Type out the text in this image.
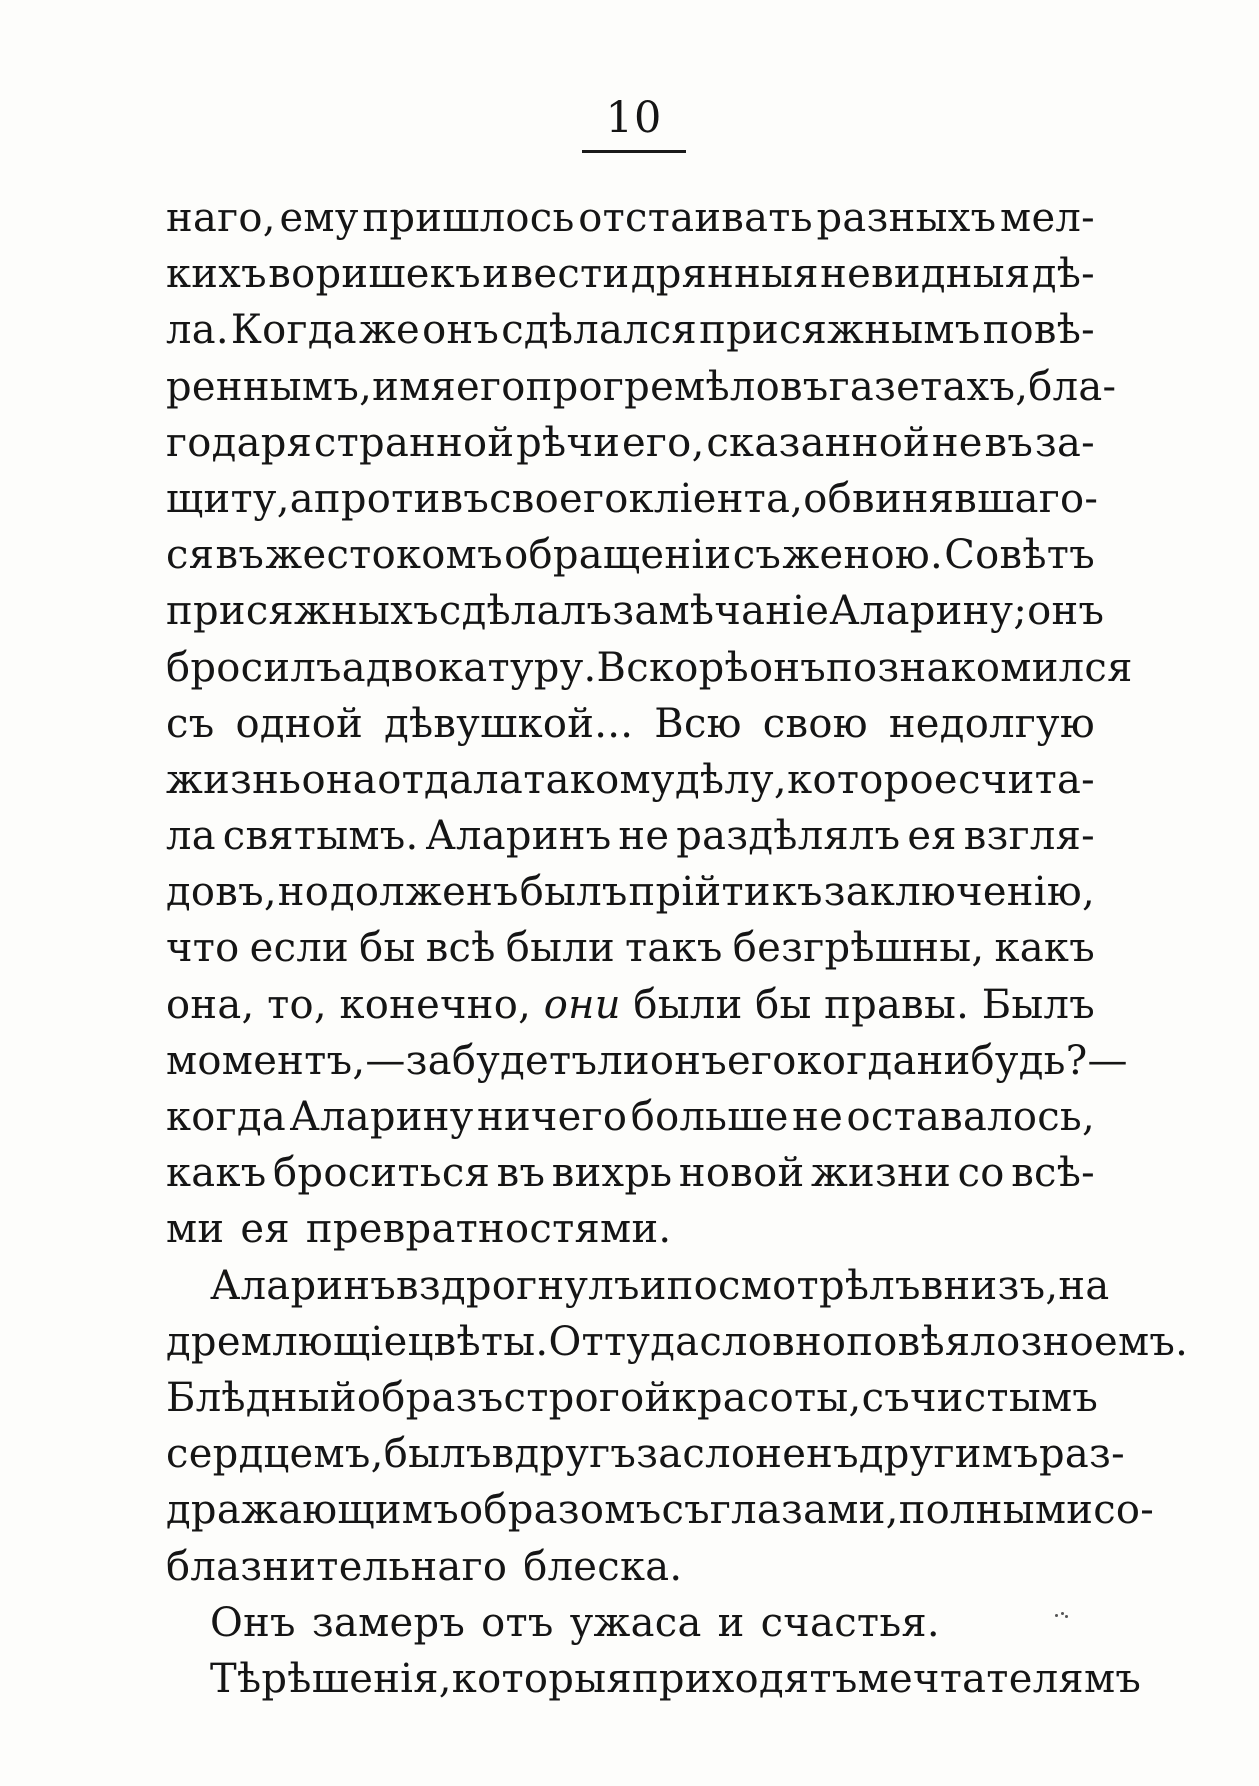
10
наго, ему пришлось отстаивать разныхъ мел-
кихъ воришекъ и вести дрянныя невидныя дѣ-
ла. Когда же онъ сдѣлался присяжнымъ повѣ-
реннымъ, имя его прогремѣло въ газетахъ, бла-
годаря странной рѣчи его, сказанной не въ за-
щиту, а противъ своего кліента, обвинявшаго-
ся въ жестокомъ обращеніи съ женою. Совѣтъ
присяжныхъ сдѣлалъ замѣчаніе Аларину; онъ
бросилъ адвокатуру. Вскорѣ онъ познакомился
съ одной дѣвушкой... Всю свою недолгую
жизнь она отдала такому дѣлу, которое счита-
ла святымъ. Аларинъ не раздѣлялъ ея взгля-
довъ, но долженъ былъ прійти къ заключенію,
что если бы всѣ были такъ безгрѣшны, какъ
она, то, конечно, они были бы правы. Былъ
моментъ,—забудетъ ли онъ его когда нибудь?—
когда Аларину ничего больше не оставалось,
какъ броситься въ вихрь новой жизни со всѣ-
ми ея превратностями.
Аларинъ вздрогнулъ и посмотрѣлъ внизъ, на
дремлющіе цвѣты. Оттуда словно повѣяло зноемъ.
Блѣдный образъ строгой красоты, съ чистымъ
сердцемъ, былъ вдругъ заслоненъ другимъ раз-
дражающимъ образомъ съ глазами, полными со-
блазнительнаго блеска.
Онъ замеръ отъ ужаса и счастья.
Тѣ рѣшенія, которыя приходятъ мечтателямъ
